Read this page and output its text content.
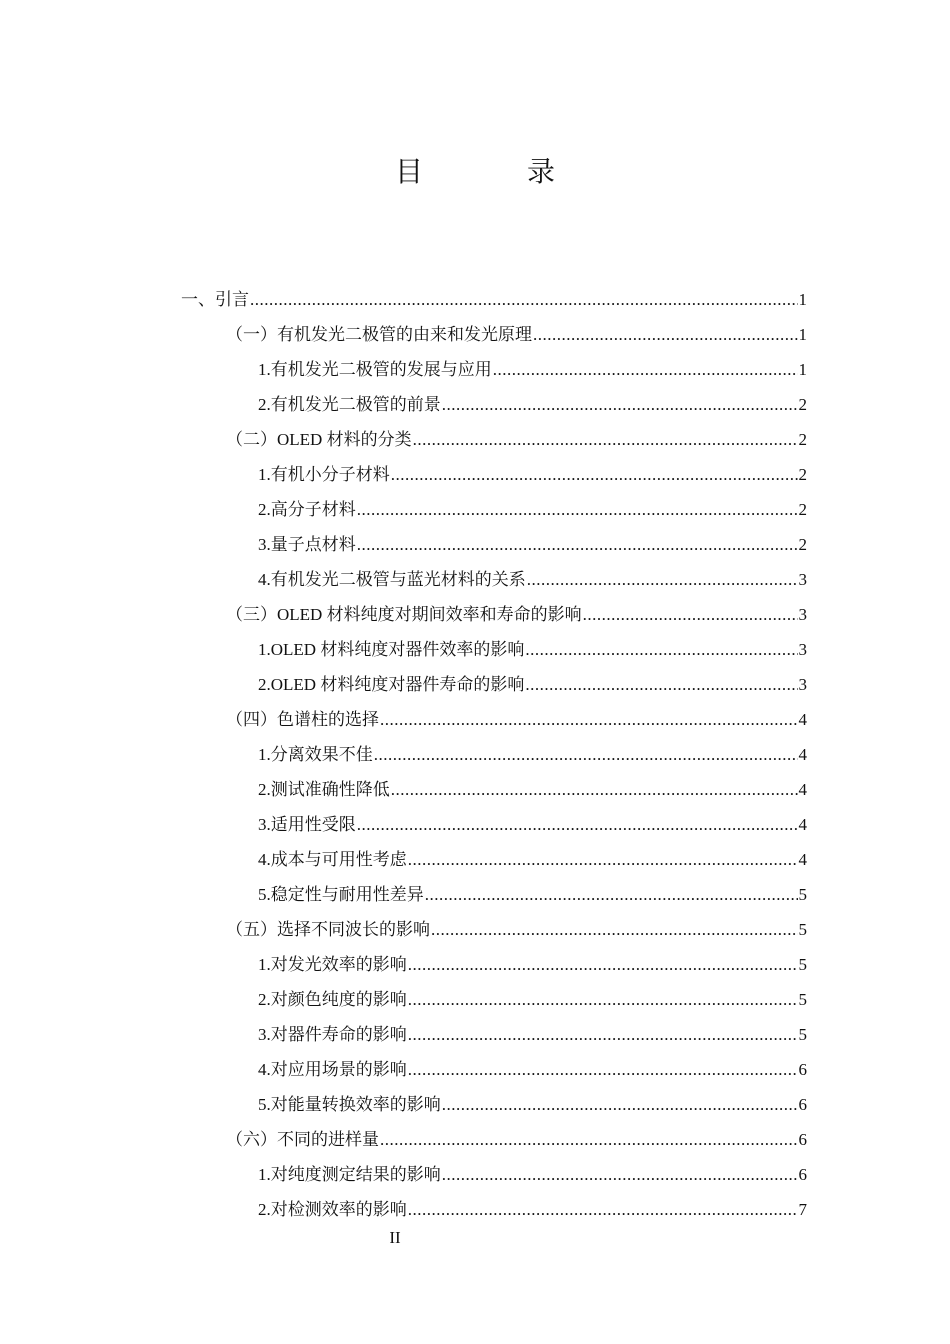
目　录
一、引言 .....	1
（一）有机发光二极管的由来和发光原理 .....	1
1.有机发光二极管的发展与应用 .....	1
2.有机发光二极管的前景 .....	2
（二）OLED 材料的分类 .....	2
1.有机小分子材料 .....	2
2.高分子材料 .....	2
3.量子点材料 .....	2
4.有机发光二极管与蓝光材料的关系 .....	3
（三）OLED 材料纯度对期间效率和寿命的影响 .....	3
1.OLED 材料纯度对器件效率的影响 .....	3
2.OLED 材料纯度对器件寿命的影响 .....	3
（四）色谱柱的选择 .....	4
1.分离效果不佳 .....	4
2.测试准确性降低 .....	4
3.适用性受限 .....	4
4.成本与可用性考虑 .....	4
5.稳定性与耐用性差异 .....	5
（五）选择不同波长的影响 .....	5
1.对发光效率的影响 .....	5
2.对颜色纯度的影响 .....	5
3.对器件寿命的影响 .....	5
4.对应用场景的影响 .....	6
5.对能量转换效率的影响 .....	6
（六）不同的进样量 .....	6
1.对纯度测定结果的影响 .....	6
2.对检测效率的影响 .....	7
II
